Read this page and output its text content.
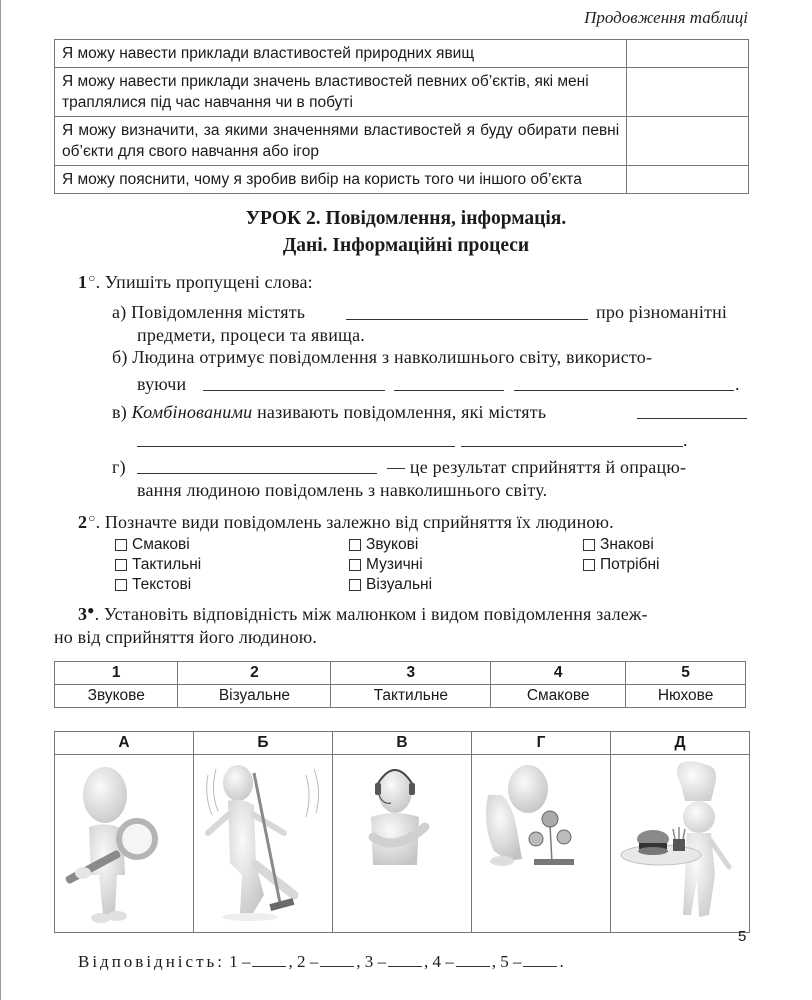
Продовження таблиці
Я можу навести приклади властивостей природних явищ	
Я можу навести приклади значень властивостей певних об’єктів, які мені траплялися під час навчання чи в побуті	
Я можу визначити, за якими значеннями властивостей я буду обирати певні об’єкти для свого навчання або ігор	
Я можу пояснити, чому я зробив вибір на користь того чи іншого об’єкта	
УРОК 2. Повідомлення, інформація.
Дані. Інформаційні процеси
1○. Упишіть пропущені слова:
а) Повідомлення містять	про різноманітні
предмети, процеси та явища.
б) Людина отримує повідомлення з навколишнього світу, використо-
вуючи	.
в) Комбінованими називають повідомлення, які містять
.
г)	— це результат сприйняття й опрацю-
вання людиною повідомлень з навколишнього світу.
2○. Позначте види повідомлень залежно від сприйняття їх людиною.
Смакові
Тактильні
Текстові
Звукові
Музичні
Візуальні
Знакові
Потрібні
3●. Установіть відповідність між малюнком і видом повідомлення залеж-
но від сприйняття його людиною.
1	2	3	4	5
Звукове	Візуальне	Тактильне	Смакове	Нюхове
А	Б	В	Г	Д

5
Відповідність: 1 – , 2 – , 3 – , 4 – , 5 – .
